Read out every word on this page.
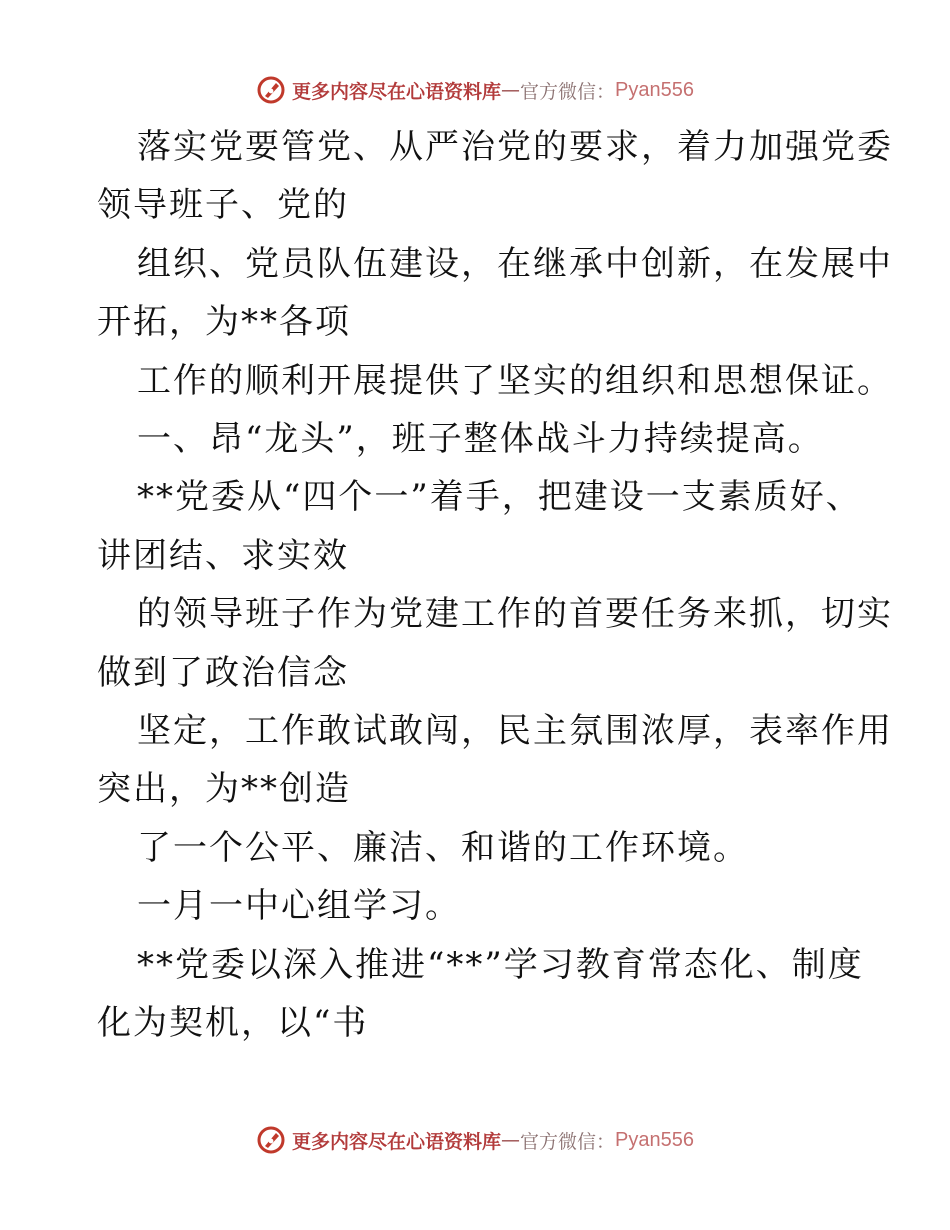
更多内容尽在心语资料库 — 官方微信： Pyan556

落实党要管党、从严治党的要求，着力加强党委

领导班子、党的

组织、党员队伍建设，在继承中创新，在发展中

开拓，为**各项

工作的顺利开展提供了坚实的组织和思想保证。

一、昂“龙头”，班子整体战斗力持续提高。

**党委从“四个一”着手，把建设一支素质好、

讲团结、求实效

的领导班子作为党建工作的首要任务来抓，切实

做到了政治信念

坚定，工作敢试敢闯，民主氛围浓厚，表率作用

突出，为**创造

了一个公平、廉洁、和谐的工作环境。

一月一中心组学习。

**党委以深入推进“**”学习教育常态化、制度

化为契机，以“书

更多内容尽在心语资料库 — 官方微信： Pyan556
